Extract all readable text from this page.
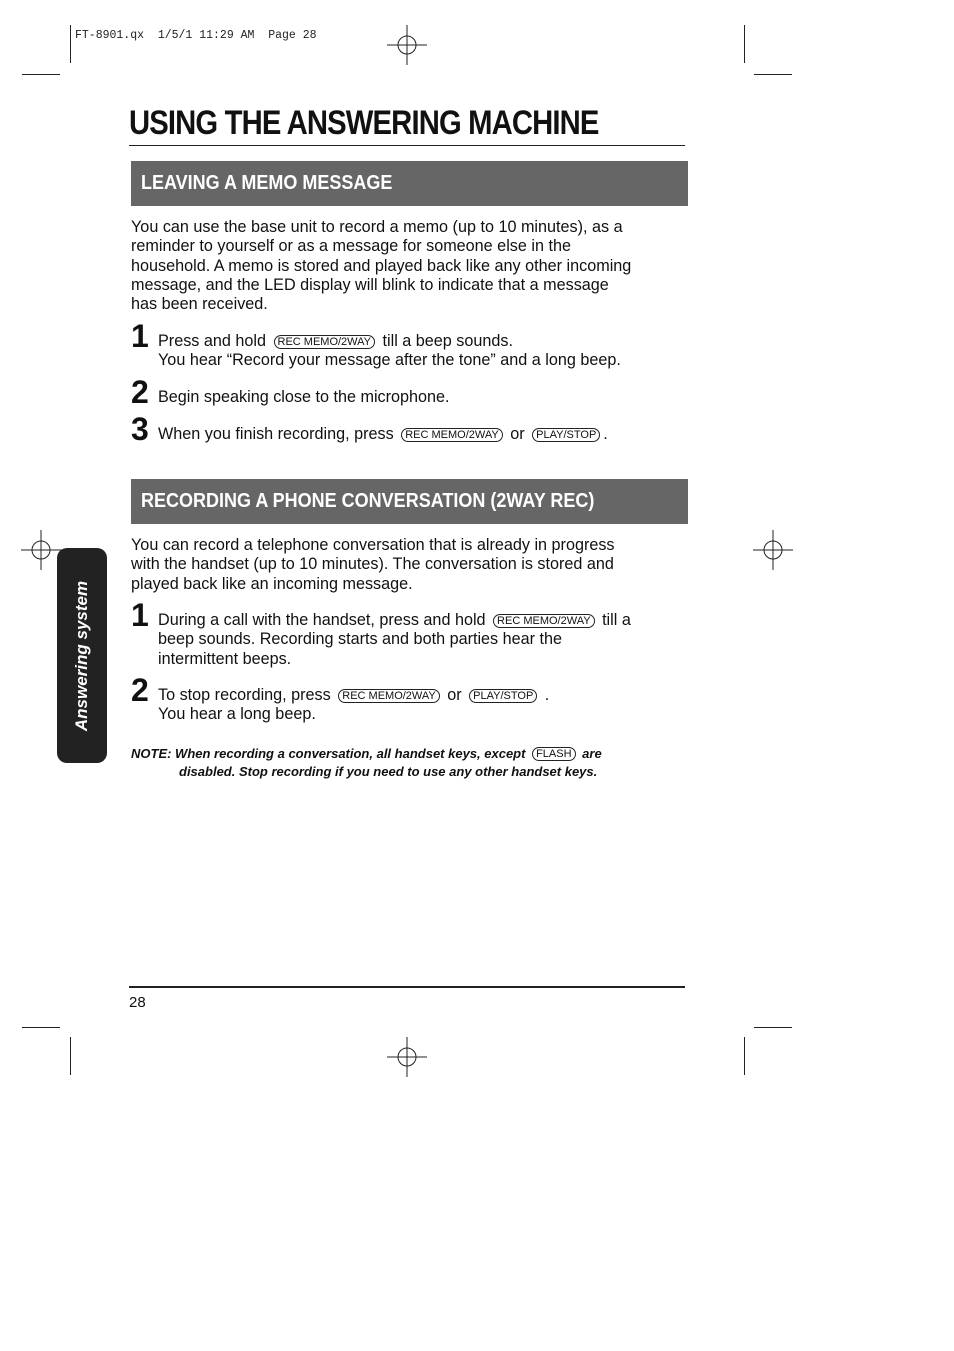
FT-8901.qx  1/5/1 11:29 AM  Page 28
USING THE ANSWERING MACHINE
LEAVING A MEMO MESSAGE

You can use the base unit to record a memo (up to 10 minutes), as a
reminder to yourself or as a message for someone else in the
household. A memo is stored and played back like any other incoming
message, and the LED display will blink to indicate that a message
has been received.

1 Press and hold REC MEMO/2WAY till a beep sounds.
You hear “Record your message after the tone” and a long beep.
2 Begin speaking close to the microphone.
3 When you finish recording, press REC MEMO/2WAY or PLAY/STOP .
RECORDING A PHONE CONVERSATION (2WAY REC)

You can record a telephone conversation that is already in progress
with the handset (up to 10 minutes). The conversation is stored and
played back like an incoming message.

1 During a call with the handset, press and hold REC MEMO/2WAY till a
beep sounds. Recording starts and both parties hear the
intermittent beeps.
2 To stop recording, press REC MEMO/2WAY or PLAY/STOP .
You hear a long beep.
NOTE: When recording a conversation, all handset keys, except FLASH are
disabled. Stop recording if you need to use any other handset keys.
Answering system
28
